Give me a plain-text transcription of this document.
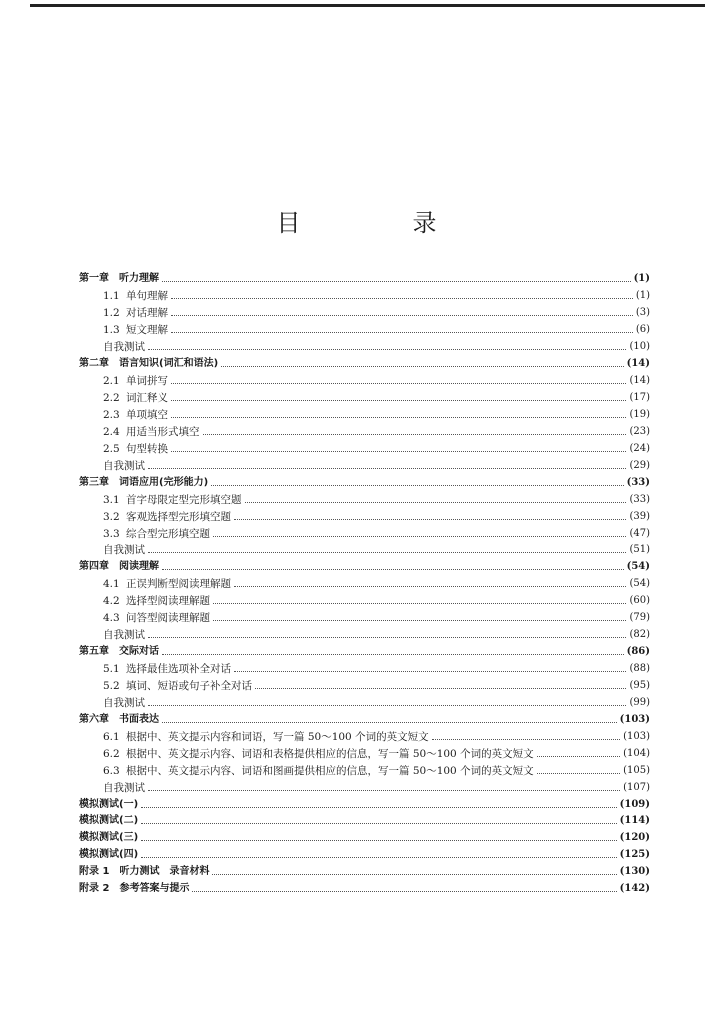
目　录
第一章　听力理解	(1)
1.1 单句理解	(1)
1.2 对话理解	(3)
1.3 短文理解	(6)
自我测试	(10)
第二章　语言知识(词汇和语法)	(14)
2.1 单词拼写	(14)
2.2 词汇释义	(17)
2.3 单项填空	(19)
2.4 用适当形式填空	(23)
2.5 句型转换	(24)
自我测试	(29)
第三章　词语应用(完形能力)	(33)
3.1 首字母限定型完形填空题	(33)
3.2 客观选择型完形填空题	(39)
3.3 综合型完形填空题	(47)
自我测试	(51)
第四章　阅读理解	(54)
4.1 正误判断型阅读理解题	(54)
4.2 选择型阅读理解题	(60)
4.3 问答型阅读理解题	(79)
自我测试	(82)
第五章　交际对话	(86)
5.1 选择最佳选项补全对话	(88)
5.2 填词、短语或句子补全对话	(95)
自我测试	(99)
第六章　书面表达	(103)
6.1 根据中、英文提示内容和词语，写一篇 50～100 个词的英文短文	(103)
6.2 根据中、英文提示内容、词语和表格提供相应的信息，写一篇 50～100 个词的英文短文	(104)
6.3 根据中、英文提示内容、词语和图画提供相应的信息，写一篇 50～100 个词的英文短文	(105)
自我测试	(107)
模拟测试(一)	(109)
模拟测试(二)	(114)
模拟测试(三)	(120)
模拟测试(四)	(125)
附录 1　听力测试　录音材料	(130)
附录 2　参考答案与提示	(142)
